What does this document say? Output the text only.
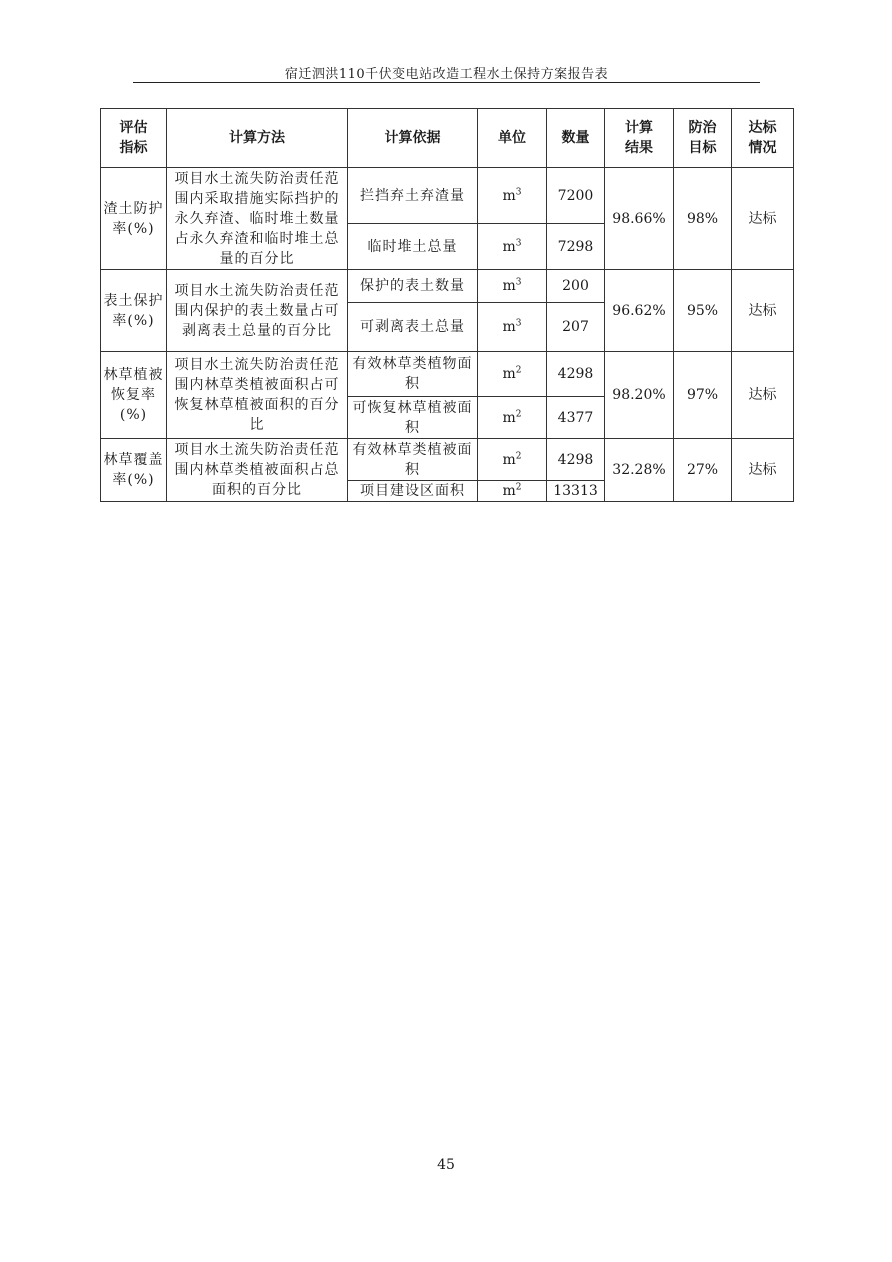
宿迁泗洪110千伏变电站改造工程水土保持方案报告表
评估指标	计算方法	计算依据	单位	数量	计算结果	防治目标	达标情况
渣土防护率(%)	项目水土流失防治责任范围内采取措施实际挡护的永久弃渣、临时堆土数量占永久弃渣和临时堆土总量的百分比	拦挡弃土弃渣量	$m^3$	7200	98.66%	98%	达标
		临时堆土总量	$m^3$	7298			
表土保护率(%)	项目水土流失防治责任范围内保护的表土数量占可剥离表土总量的百分比	保护的表土数量	$m^3$	200	96.62%	95%	达标
		可剥离表土总量	$m^3$	207			
林草植被恢复率(%)	项目水土流失防治责任范围内林草类植被面积占可恢复林草植被面积的百分比	有效林草类植物面积	$m^2$	4298	98.20%	97%	达标
		可恢复林草植被面积	$m^2$	4377			
林草覆盖率(%)	项目水土流失防治责任范围内林草类植被面积占总面积的百分比	有效林草类植被面积	$m^2$	4298	32.28%	27%	达标
		项目建设区面积	$m^2$	13313			
45
